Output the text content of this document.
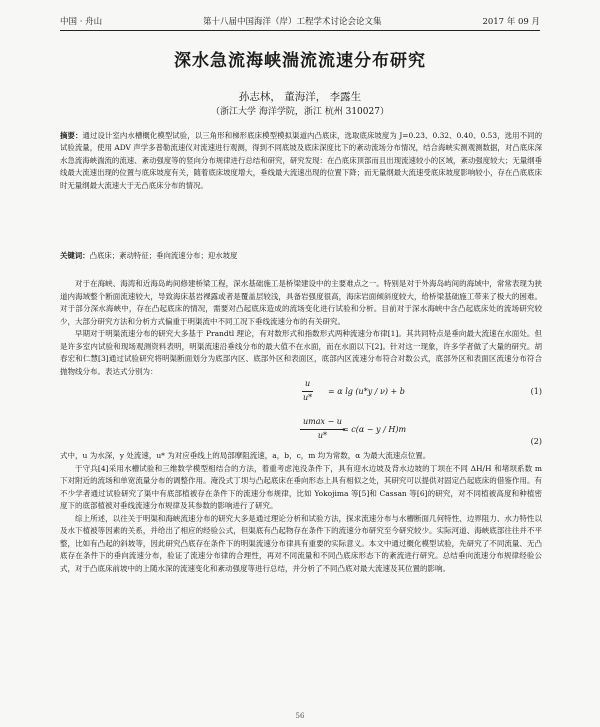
中国 · 舟山	第十八届中国海洋（岸）工程学术讨论会论文集	2017 年 09 月
深水急流海峡湍流流速分布研究
孙志林， 董海洋， 李露生
（浙江大学 海洋学院，浙江 杭州 310027）
摘要：通过设计室内水槽概化模型试验，以三角形和梯形底床模型模拟渠道内凸底床，选取底床坡度为 J=0.23、0.32、0.40、0.53，选用不同的试验流量，使用 ADV 声学多普勒流速仪对流速进行观测，得到不同底坡及底床深度比下的紊动流场分布情况，结合海峡实测观测数据，对凸底床深水急流海峡湍流的流速、紊动强度等的竖向分布规律进行总结和研究，研究发现：在凸底床顶部而且出现流速较小的区域，紊动强度较大；无量纲垂线最大流速出现的位置与底床坡度有关，随着底床坡度增大，垂线最大流速出现的位置下降；而无量纲最大流速受底床坡度影响较小，存在凸底底床时无量纲最大流速大于无凸底床分布的情况。
关键词：凸底床；紊动特征；垂向流速分布；迎水坡度

对于在海峡、海湾和近海岛屿间修建桥梁工程，深水基础施工是桥梁建设中的主要难点之一。特别是对于外海岛屿间的海域中，常常表现为狭道内海域整个断面流速较大，导致海床基岩裸露或者是覆盖层较浅，具备岩强度很高，海床岩面倾斜度较大，给桥梁基础施工带来了极大的困难。对于部分深水海峡中，存在凸起底床的情况，需要对凸起底床造成的流场变化进行试验和分析。目前对于深水海峡中含凸起底床处的流场研究较少，大部分研究方法和分析方式偏重于明渠流中不同工况下垂线流速分布的有关研究。

早期对于明渠流速分布的研究大多基于 Prandtl 理论，有对数形式和指数形式两种流速分布律[1]。其共同特点是垂向最大流速在水面处。但是许多室内试验和现场观测资料表明，明渠流速沿垂线分布的最大值不在水面，而在水面以下[2]。针对这一现象，许多学者做了大量的研究。胡春宏和仁慧[3]通过试验研究将明渠断面划分为底部内区、底部外区和表面区，底部内区流速分布符合对数公式，底部外区和表面区流速分布符合抛物线分布。表达式分别为：

$\frac{u}{u*} = \alpha$ lg (u*y / ν) + b	(1)
umax − u
u*
= c(α − y / H)m
(2)

式中，u 为水深，y 处流速，u* 为对应垂线上的局部摩阻流速，a，b，c，m 均为常数，α 为最大流速点位置。

于守兵[4]采用水槽试验和三维数学模型相结合的方法，着重考虑沌没条件下，具有迎水边坡及背水边坡的丁坝在不同 ΔH/H 和堵坝系数 m 下对附近的流场和单宽流量分布的调整作用。淹没式丁坝与凸起底床在垂向形态上具有相似之处，其研究可以提供对固定凸起底床的借鉴作用。有不少学者通过试验研究了渠中有底部植被存在条件下的流速分布规律，比如 Yokojima 等[5]和 Cassan 等[6]的研究，对不同植被高度和种植密度下的底部植被对垂线流速分布规律及其参数的影响进行了研究。

综上所述，以往关于明渠和海峡流速分布的研究大多是通过理论分析和试验方法，探求流速分布与水槽断面几何特性、边界阻力、水力特性以及水下植被等因素的关系，并给出了相应的经验公式，但渠底有凸起物存在条件下的流速分布研究至今研究较少。实际河道、海峡底部往往并不平整，比如有凸起的斜坡等，因此研究凸底存在条件下的明渠流速分布律具有重要的实际意义。本文中通过概化模型试验，先研究了不同流量、无凸底存在条件下的垂向流速分布，验证了流速分布律的合理性，再对不同流量和不同凸底床形态下的紊流进行研究。总结垂向流速分布规律经验公式，对于凸底床前坡中的上随水深的流速变化和紊动强度等进行总结，并分析了不同凸底对最大流速及其位置的影响。

56
